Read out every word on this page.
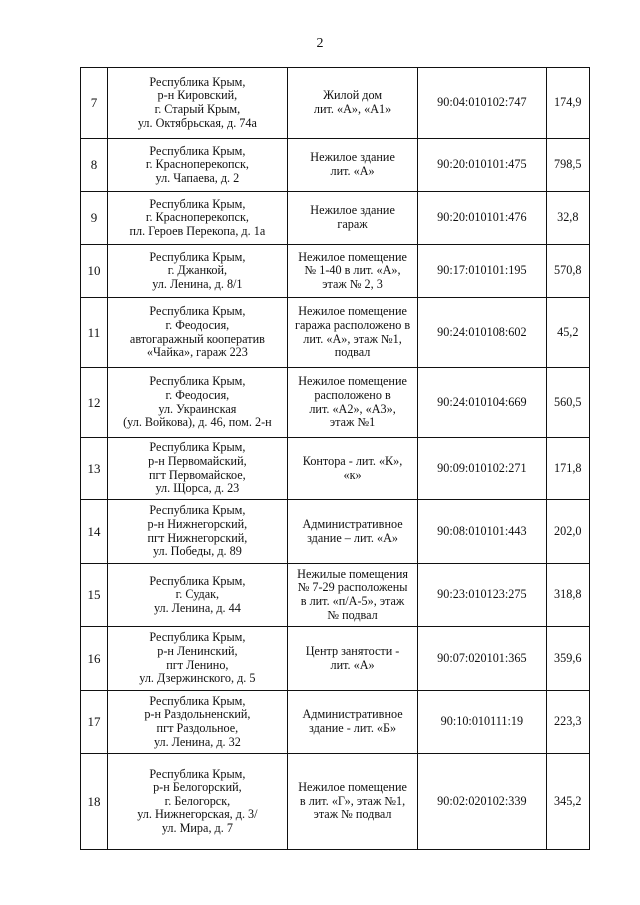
2
7	Республика Крым,
р-н Кировский,
г. Старый Крым,
ул. Октябрьская, д. 74а	Жилой дом
лит. «А», «А1»	90:04:010102:747	174,9
8	Республика Крым,
г. Красноперекопск,
ул. Чапаева, д. 2	Нежилое здание
лит. «А»	90:20:010101:475	798,5
9	Республика Крым,
г. Красноперекопск,
пл. Героев Перекопа, д. 1а	Нежилое здание
гараж	90:20:010101:476	32,8
10	Республика Крым,
г. Джанкой,
ул. Ленина, д. 8/1	Нежилое помещение
№ 1-40 в лит. «А»,
этаж № 2, 3	90:17:010101:195	570,8
11	Республика Крым,
г. Феодосия,
автогаражный кооператив
«Чайка», гараж 223	Нежилое помещение
гаража расположено в
лит. «А», этаж №1,
подвал	90:24:010108:602	45,2
12	Республика Крым,
г. Феодосия,
ул. Украинская
(ул. Войкова), д. 46, пом. 2-н	Нежилое помещение
расположено в
лит. «А2», «А3»,
этаж №1	90:24:010104:669	560,5
13	Республика Крым,
р-н Первомайский,
пгт Первомайское,
ул. Щорса, д. 23	Контора - лит. «К»,
«к»	90:09:010102:271	171,8
14	Республика Крым,
р-н Нижнегорский,
пгт Нижнегорский,
ул. Победы, д. 89	Административное
здание – лит. «А»	90:08:010101:443	202,0
15	Республика Крым,
г. Судак,
ул. Ленина, д. 44	Нежилые помещения
№ 7-29 расположены
в лит. «п/А-5», этаж
№ подвал	90:23:010123:275	318,8
16	Республика Крым,
р-н Ленинский,
пгт Ленино,
ул. Дзержинского, д. 5	Центр занятости -
лит. «А»	90:07:020101:365	359,6
17	Республика Крым,
р-н Раздольненский,
пгт Раздольное,
ул. Ленина, д. 32	Административное
здание - лит. «Б»	90:10:010111:19	223,3
18	Республика Крым,
р-н Белогорский,
г. Белогорск,
ул. Нижнегорская, д. 3/
ул. Мира, д. 7	Нежилое помещение
в лит. «Г», этаж №1,
этаж № подвал	90:02:020102:339	345,2
